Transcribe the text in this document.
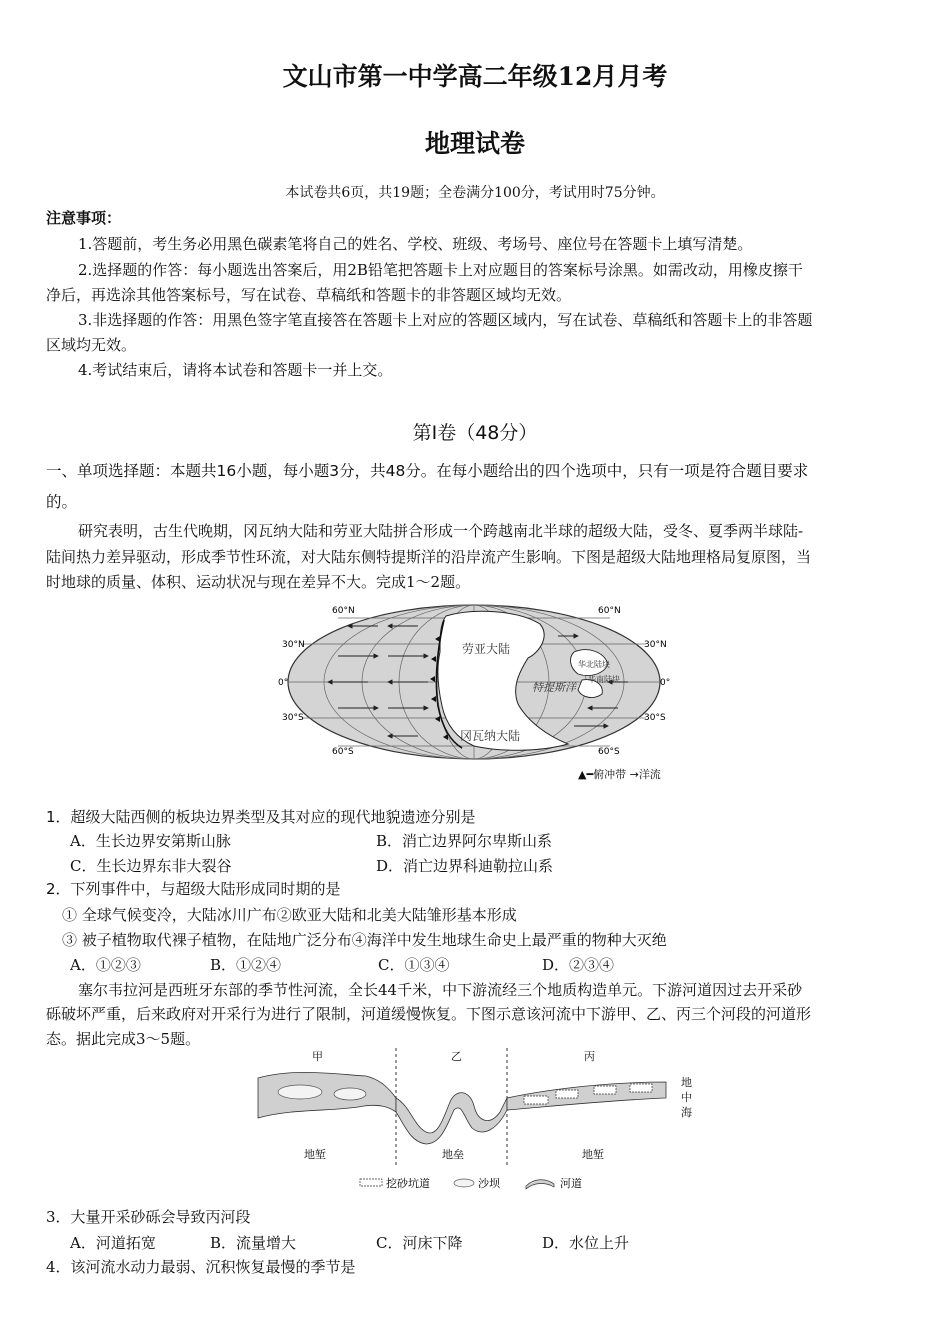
文山市第一中学高二年级12月月考
地理试卷
本试卷共6页，共19题；全卷满分100分，考试用时75分钟。
注意事项：
1.答题前，考生务必用黑色碳素笔将自己的姓名、学校、班级、考场号、座位号在答题卡上填写清楚。
2.选择题的作答：每小题选出答案后，用2B铅笔把答题卡上对应题目的答案标号涂黑。如需改动，用橡皮擦干
净后，再选涂其他答案标号，写在试卷、草稿纸和答题卡的非答题区域均无效。
3.非选择题的作答：用黑色签字笔直接答在答题卡上对应的答题区域内，写在试卷、草稿纸和答题卡上的非答题
区域均无效。
4.考试结束后，请将本试卷和答题卡一并上交。
第Ⅰ卷（48分）
一、单项选择题：本题共16小题，每小题3分，共48分。在每小题给出的四个选项中，只有一项是符合题目要求
的。
研究表明，古生代晚期，冈瓦纳大陆和劳亚大陆拼合形成一个跨越南北半球的超级大陆，受冬、夏季两半球陆-
陆间热力差异驱动，形成季节性环流，对大陆东侧特提斯洋的沿岸流产生影响。下图是超级大陆地理格局复原图，当
时地球的质量、体积、运动状况与现在差异不大。完成1～2题。
60°N	60°N
30°N	30°N
0°	0°
30°S	30°S
60°S	60°S
劳亚大陆
冈瓦纳大陆
特提斯洋
华北陆块
华南陆块
▲━俯冲带 →洋流
1．超级大陆西侧的板块边界类型及其对应的现代地貌遗迹分别是
A．生长边界安第斯山脉	B．消亡边界阿尔卑斯山系
C．生长边界东非大裂谷	D．消亡边界科迪勒拉山系
2．下列事件中，与超级大陆形成同时期的是
① 全球气候变冷，大陆冰川广布②欧亚大陆和北美大陆雏形基本形成
③ 被子植物取代裸子植物，在陆地广泛分布④海洋中发生地球生命史上最严重的物种大灭绝
A．①②③	B．①②④	C．①③④	D．②③④
塞尔韦拉河是西班牙东部的季节性河流，全长44千米，中下游流经三个地质构造单元。下游河道因过去开采砂
砾破坏严重，后来政府对开采行为进行了限制，河道缓慢恢复。下图示意该河流中下游甲、乙、丙三个河段的河道形
态。据此完成3～5题。
甲	乙	丙
地
中
海
地堑	地垒	地堑
挖砂坑道	沙坝	河道
3．大量开采砂砾会导致丙河段
A．河道拓宽	B．流量增大	C．河床下降	D．水位上升
4．该河流水动力最弱、沉积恢复最慢的季节是
